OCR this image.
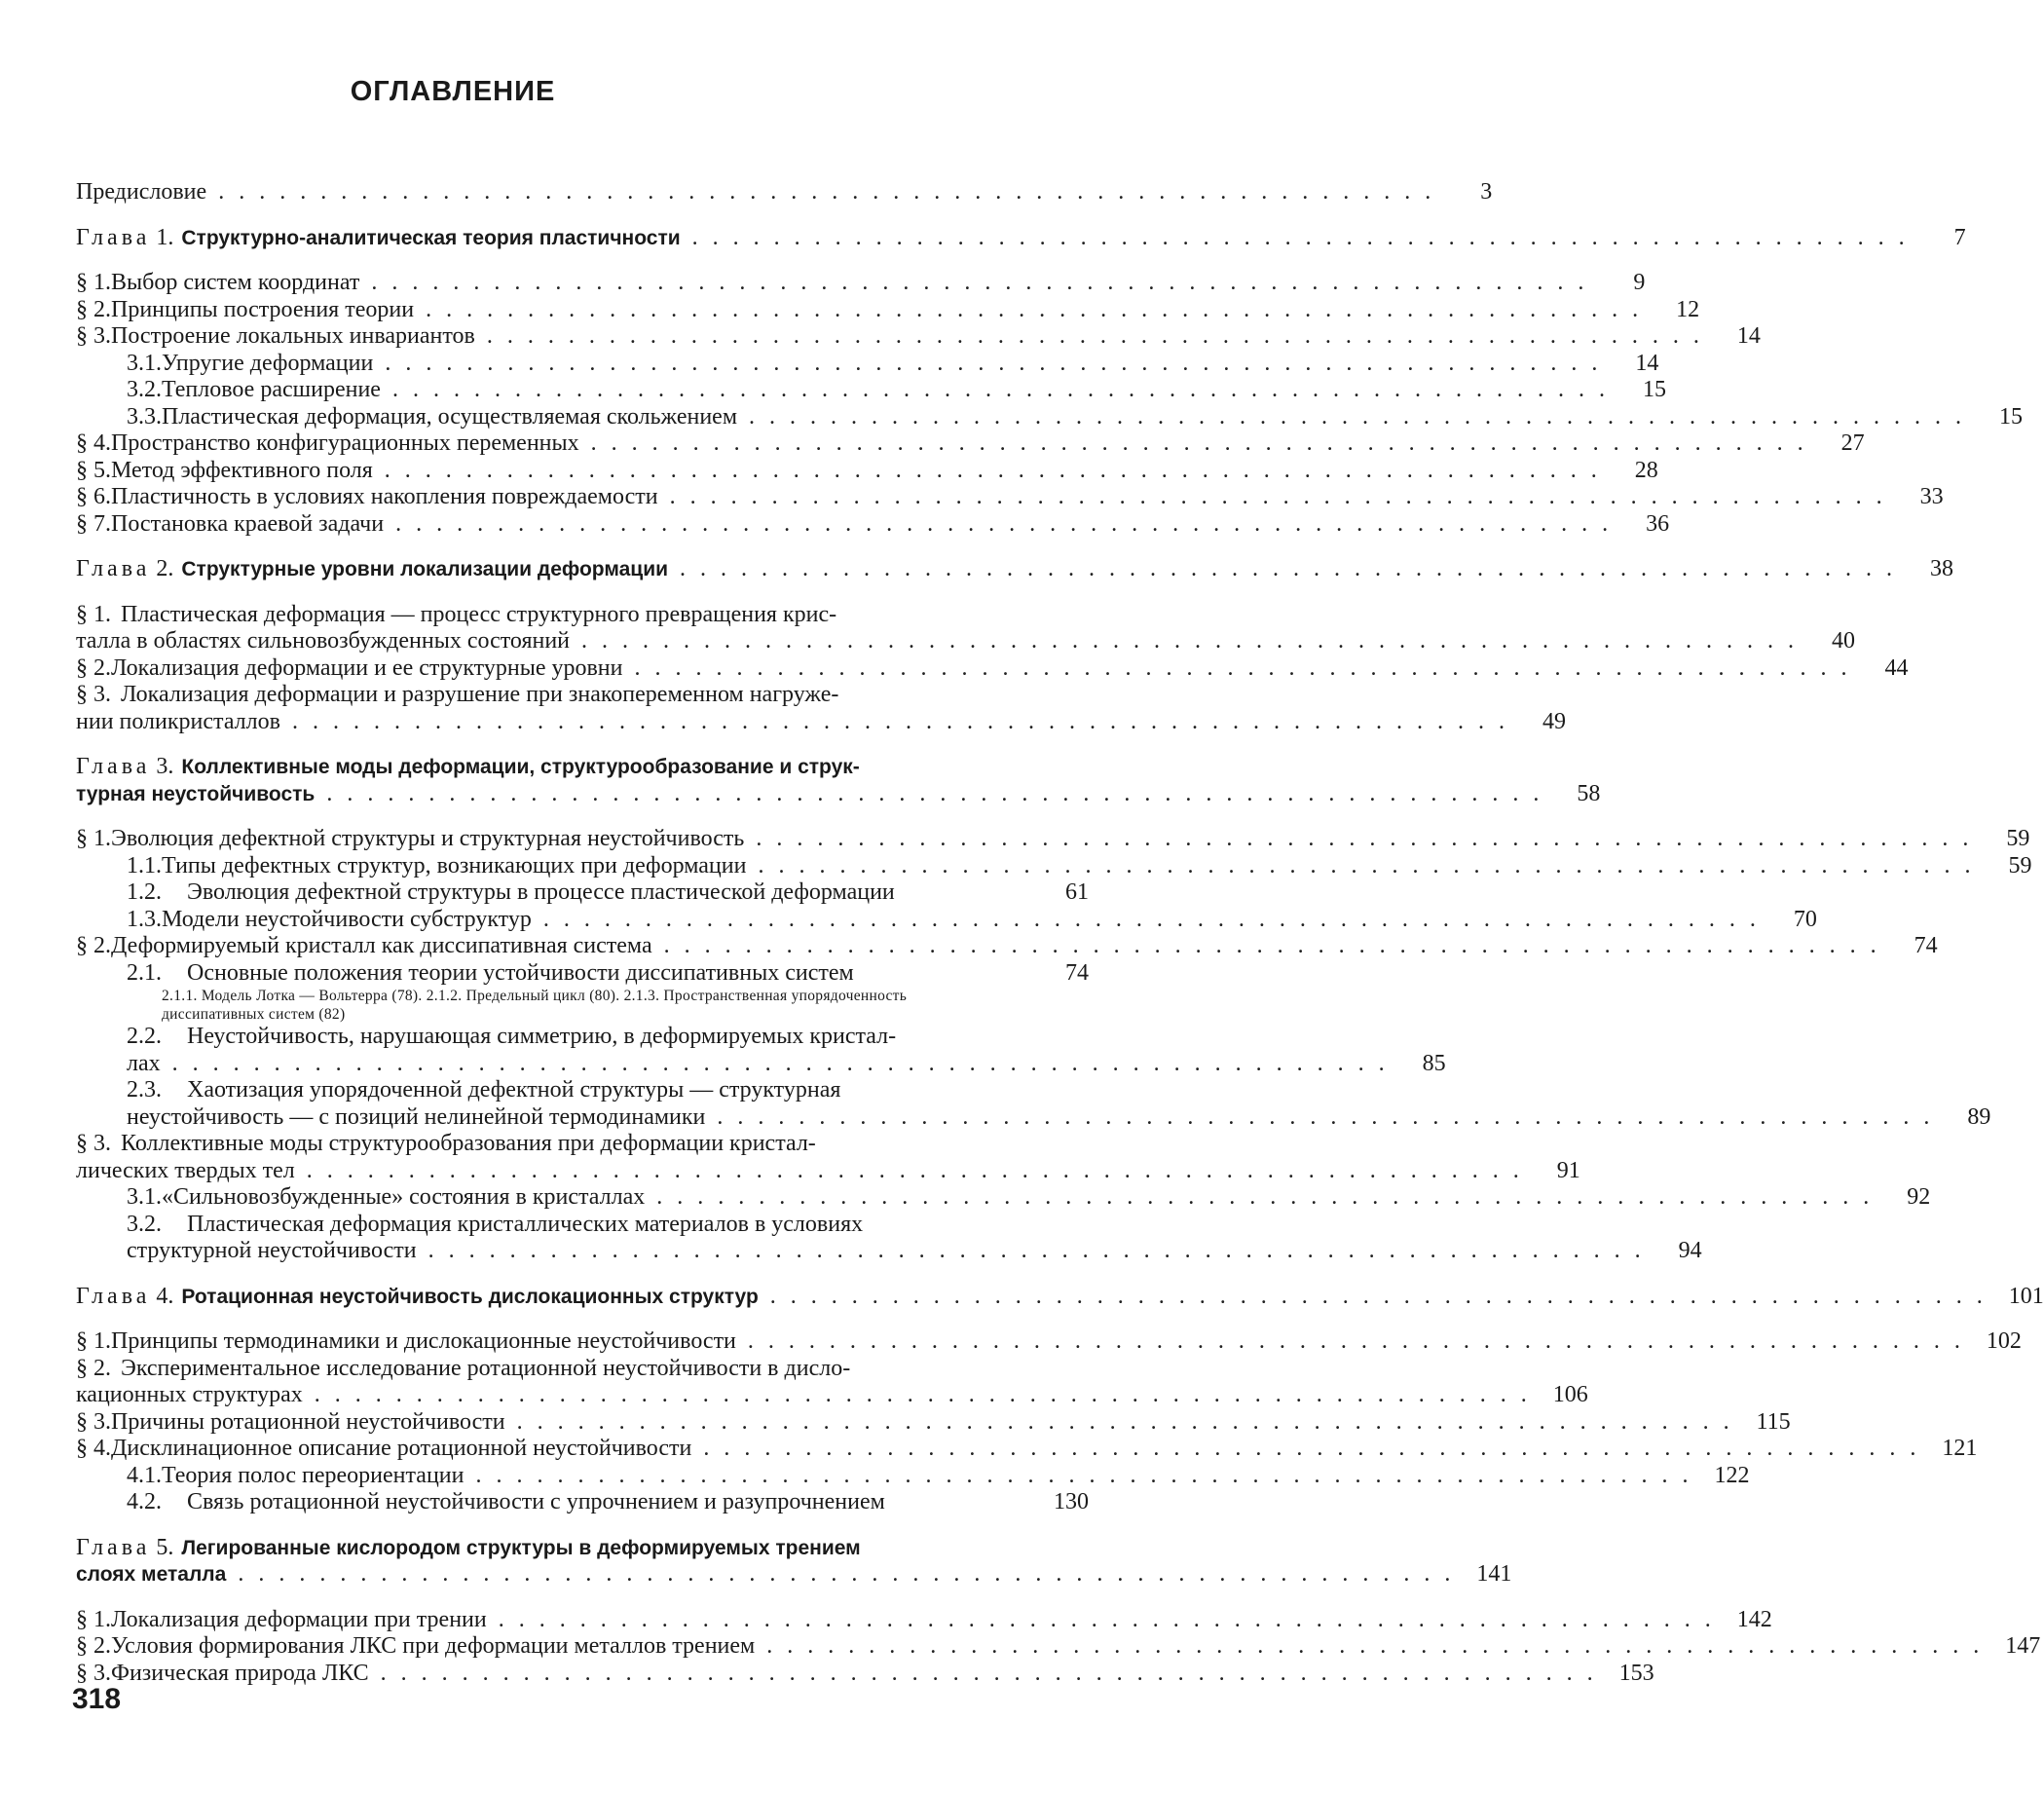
ОГЛАВЛЕНИЕ
Предисловие ............................................................	3
Глава 1. Структурно-аналитическая теория пластичности ............................................................	7
§ 1. Выбор систем координат ............................................................	9
§ 2. Принципы построения теории ............................................................	12
§ 3. Построение локальных инвариантов ............................................................	14
3.1. Упругие деформации ............................................................	14
3.2. Тепловое расширение ............................................................	15
3.3. Пластическая деформация, осуществляемая скольжением ............................................................	15
§ 4. Пространство конфигурационных переменных ............................................................	27
§ 5. Метод эффективного поля ............................................................	28
§ 6. Пластичность в условиях накопления повреждаемости ............................................................	33
§ 7. Постановка краевой задачи ............................................................	36
Глава 2. Структурные уровни локализации деформации ............................................................	38
§ 1. Пластическая деформация — процесс структурного превращения крис-
талла в областях сильновозбужденных состояний ............................................................	40
§ 2. Локализация деформации и ее структурные уровни ............................................................	44
§ 3. Локализация деформации и разрушение при знакопеременном нагруже-
нии поликристаллов ............................................................	49
Глава 3. Коллективные моды деформации, структурообразование и струк-
турная неустойчивость ............................................................	58
§ 1. Эволюция дефектной структуры и структурная неустойчивость ............................................................	59
1.1. Типы дефектных структур, возникающих при деформации ............................................................	59
1.2.	Эволюция дефектной структуры в процессе пластической деформации	61
1.3. Модели неустойчивости субструктур ............................................................	70
§ 2. Деформируемый кристалл как диссипативная система ............................................................	74
2.1.	Основные положения теории устойчивости диссипативных систем	74
2.1.1. Модель Лотка — Вольтерра (78). 2.1.2. Предельный цикл (80). 2.1.3. Пространственная упорядоченность диссипативных систем (82)
2.2.	Неустойчивость, нарушающая симметрию, в деформируемых кристал-
лах ............................................................	85
2.3.	Хаотизация упорядоченной дефектной структуры — структурная
неустойчивость — с позиций нелинейной термодинамики ............................................................	89
§ 3. Коллективные моды структурообразования при деформации кристал-
лических твердых тел ............................................................	91
3.1. «Сильновозбужденные» состояния в кристаллах ............................................................	92
3.2.	Пластическая деформация кристаллических материалов в условиях
структурной неустойчивости ............................................................	94
Глава 4. Ротационная неустойчивость дислокационных структур ............................................................ 101
§ 1. Принципы термодинамики и дислокационные неустойчивости ............................................................ 102
§ 2. Экспериментальное исследование ротационной неустойчивости в дисло-
кационных структурах ............................................................ 106
§ 3. Причины ротационной неустойчивости ............................................................ 115
§ 4. Дисклинационное описание ротационной неустойчивости ............................................................ 121
4.1. Теория полос переориентации ............................................................ 122
4.2.	Связь ротационной неустойчивости с упрочнением и разупрочнением	130
Глава 5. Легированные кислородом структуры в деформируемых трением
слоях металла ............................................................ 141
§ 1. Локализация деформации при трении ............................................................ 142
§ 2. Условия формирования ЛКС при деформации металлов трением ............................................................ 147
§ 3. Физическая природа ЛКС ............................................................ 153
318
